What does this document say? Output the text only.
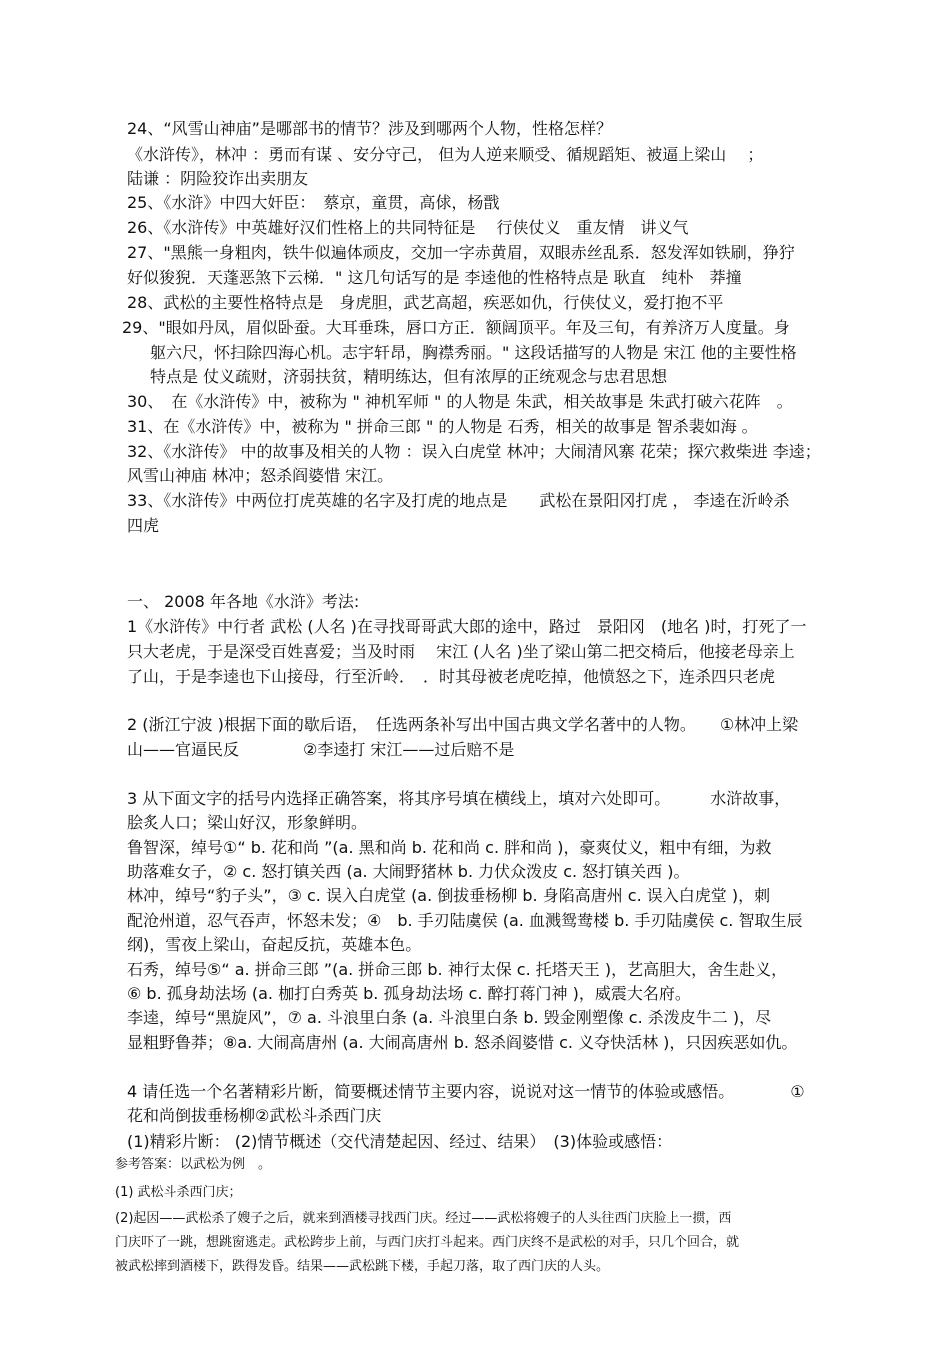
24、“风雪山神庙”是哪部书的情节？涉及到哪两个人物，性格怎样？
《水浒传》，林冲 ：勇而有谋 、安分守己， 但为人逆来顺受、循规蹈矩、被逼上梁山　 ；
陆谦 ：阴险狡诈出卖朋友
25、《水浒》中四大奸臣：　蔡京，童贯，高俅，杨戬
26、《水浒传》中英雄好汉们性格上的共同特征是　 行侠仗义　重友情　讲义气
27、"黑熊一身粗肉，铁牛似遍体顽皮，交加一字赤黄眉，双眼赤丝乱系．怒发浑如铁刷，狰狞
好似狻猊．天蓬恶煞下云梯．" 这几句话写的是 李逵他的性格特点是 耿直　纯朴　莽撞
28、武松的主要性格特点是　身虎胆，武艺高超，疾恶如仇，行侠仗义，爱打抱不平
29、"眼如丹凤，眉似卧蚕。大耳垂珠，唇口方正．额阔顶平。年及三旬，有养济万人度量。身
躯六尺，怀扫除四海心机。志宇轩昂，胸襟秀丽。" 这段话描写的人物是 宋江 他的主要性格
特点是 仗义疏财，济弱扶贫，精明练达，但有浓厚的正统观念与忠君思想
30、　在《水浒传》中，被称为 " 神机军师 " 的人物是 朱武，相关故事是 朱武打破六花阵　。
31、在《水浒传》中，被称为 " 拼命三郎 " 的人物是 石秀，相关的故事是 智杀裴如海 。
32、《水浒传》 中的故事及相关的人物 ：误入白虎堂 林冲；大闹清风寨 花荣；探穴救柴进 李逵；
风雪山神庙 林冲；怒杀阎婆惜 宋江。
33、《水浒传》中两位打虎英雄的名字及打虎的地点是　　武松在景阳冈打虎 ， 李逵在沂岭杀
四虎
一、 2008 年各地《水浒》考法:
1《水浒传》中行者 武松 (人名 )在寻找哥哥武大郎的途中，路过　景阳冈　(地名 )时，打死了一
只大老虎，于是深受百姓喜爱；当及时雨　 宋江 (人名 )坐了梁山第二把交椅后，他接老母亲上
了山，于是李逵也下山接母，行至沂岭．　．时其母被老虎吃掉，他愤怒之下，连杀四只老虎
2 (浙江宁波 )根据下面的歇后语，　任选两条补写出中国古典文学名著中的人物。　　①林冲上梁
山——官逼民反　　　　②李逵打 宋江——过后赔不是
3 从下面文字的括号内选择正确答案，将其序号填在横线上，填对六处即可。　　　水浒故事，
脍炙人口；梁山好汉，形象鲜明。
鲁智深，绰号①“ b. 花和尚 ”(a. 黑和尚 b. 花和尚 c. 胖和尚 )，豪爽仗义，粗中有细，为救
助落难女子，② c. 怒打镇关西 (a. 大闹野猪林 b. 力伏众泼皮 c. 怒打镇关西 )。
林冲，绰号“豹子头”，③ c. 误入白虎堂 (a. 倒拔垂杨柳 b. 身陷高唐州 c. 误入白虎堂 )，刺
配沧州道，忍气吞声，怀怒未发；④　b. 手刃陆虞侯 (a. 血溅鸳鸯楼 b. 手刃陆虞侯 c. 智取生辰
纲)，雪夜上梁山，奋起反抗，英雄本色。
石秀，绰号⑤“ a. 拼命三郎 ”(a. 拼命三郎 b. 神行太保 c. 托塔天王 )，艺高胆大，舍生赴义，
⑥ b. 孤身劫法场 (a. 枷打白秀英 b. 孤身劫法场 c. 醉打蒋门神 )，威震大名府。
李逵，绰号“黑旋风”，⑦ a. 斗浪里白条 (a. 斗浪里白条 b. 毁金刚塑像 c. 杀泼皮牛二 )，尽
显粗野鲁莽；⑧a. 大闹高唐州 (a. 大闹高唐州 b. 怒杀阎婆惜 c. 义夺快活林 )，只因疾恶如仇。
4 请任选一个名著精彩片断，简要概述情节主要内容，说说对这一情节的体验或感悟。　　　　①
花和尚倒拔垂杨柳②武松斗杀西门庆
(1)精彩片断： (2)情节概述（交代清楚起因、经过、结果）　(3)体验或感悟：
参考答案：以武松为例　。
(1) 武松斗杀西门庆；
(2)起因——武松杀了嫂子之后，就来到酒楼寻找西门庆。经过——武松将嫂子的人头往西门庆脸上一掼，西
门庆吓了一跳，想跳窗逃走。武松跨步上前，与西门庆打斗起来。西门庆终不是武松的对手，只几个回合，就
被武松摔到酒楼下，跌得发昏。结果——武松跳下楼，手起刀落，取了西门庆的人头。
